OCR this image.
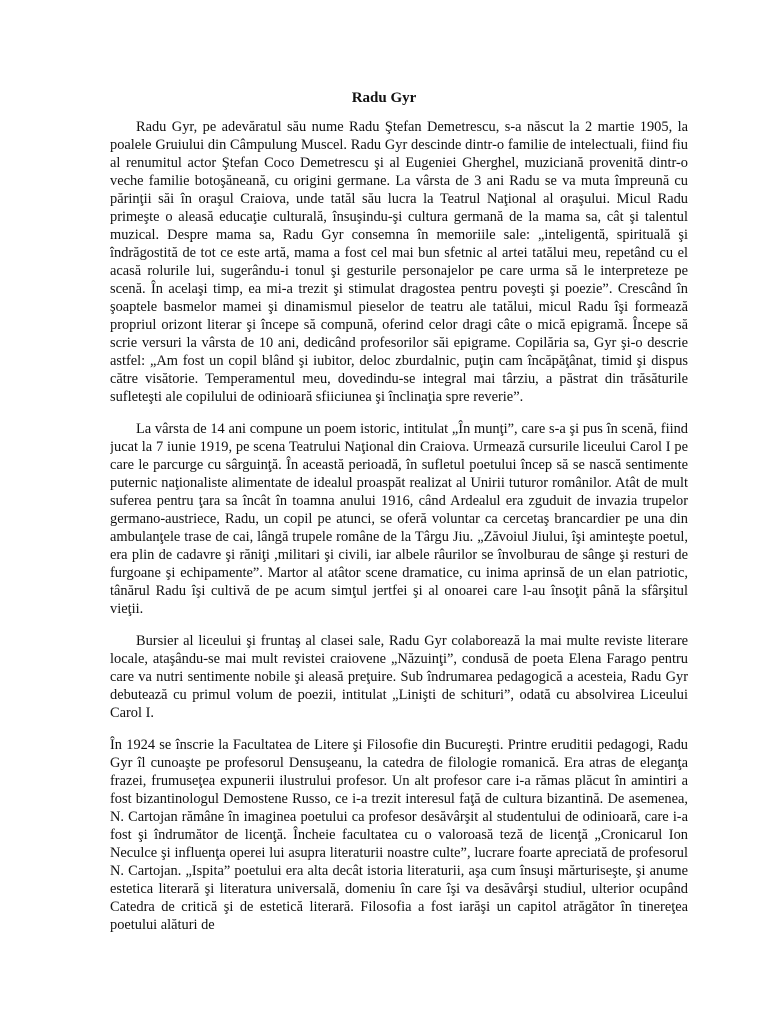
Radu Gyr

Radu Gyr, pe adevăratul său nume Radu Ştefan Demetrescu, s-a născut la 2 martie 1905, la poalele Gruiului din Câmpulung Muscel. Radu Gyr descinde dintr-o familie de intelectuali, fiind fiu al renumitul actor Ştefan Coco Demetrescu şi al Eugeniei Gherghel, muziciană provenită dintr-o veche familie botoşăneană, cu origini germane. La vârsta de 3 ani Radu se va muta împreună cu părinţii săi în oraşul Craiova, unde tatăl său lucra la Teatrul Naţional al oraşului. Micul Radu primeşte o aleasă educaţie culturală, însuşindu-şi cultura germană de la mama sa, cât şi talentul muzical. Despre mama sa, Radu Gyr consemna în memoriile sale: „inteligentă, spirituală şi îndrăgostită de tot ce este artă, mama a fost cel mai bun sfetnic al artei tatălui meu, repetând cu el acasă rolurile lui, sugerându-i tonul şi gesturile personajelor pe care urma să le interpreteze pe scenă. În acelaşi timp, ea mi-a trezit şi stimulat dragostea pentru poveşti şi poezie”. Crescând în şoaptele basmelor mamei şi dinamismul pieselor de teatru ale tatălui, micul Radu îşi formează propriul orizont literar şi începe să compună, oferind celor dragi câte o mică epigramă. Începe să scrie versuri la vârsta de 10 ani, dedicând profesorilor săi epigrame. Copilăria sa, Gyr şi-o descrie astfel: „Am fost un copil blând şi iubitor, deloc zburdalnic, puţin cam încăpăţânat, timid şi dispus către visătorie. Temperamentul meu, dovedindu-se integral mai târziu, a păstrat din trăsăturile sufleteşti ale copilului de odinioară sfiiciunea şi înclinaţia spre reverie”.

La vârsta de 14 ani compune un poem istoric, intitulat „În munţi”, care s-a şi pus în scenă, fiind jucat la 7 iunie 1919, pe scena Teatrului Naţional din Craiova. Urmează cursurile liceului Carol I pe care le parcurge cu sârguinţă. În această perioadă, în sufletul poetului încep să se nască sentimente puternic naţionaliste alimentate de idealul proaspăt realizat al Unirii tuturor românilor. Atât de mult suferea pentru ţara sa încât în toamna anului 1916, când Ardealul era zguduit de invazia trupelor germano-austriece, Radu, un copil pe atunci, se oferă voluntar ca cercetaş brancardier pe una din ambulanţele trase de cai, lângă trupele române de la Târgu Jiu. „Zăvoiul Jiului, îşi aminteşte poetul, era plin de cadavre şi răniţi ,militari şi civili, iar albele râurilor se învolburau de sânge şi resturi de furgoane şi echipamente”. Martor al atâtor scene dramatice, cu inima aprinsă de un elan patriotic, tânărul Radu îşi cultivă de pe acum simţul jertfei şi al onoarei care l-au însoţit până la sfârşitul vieţii.

Bursier al liceului şi fruntaş al clasei sale, Radu Gyr colaborează la mai multe reviste literare locale, ataşându-se mai mult revistei craiovene „Năzuinţi”, condusă de poeta Elena Farago pentru care va nutri sentimente nobile şi aleasă preţuire. Sub îndrumarea pedagogică a acesteia, Radu Gyr debutează cu primul volum de poezii, intitulat „Linişti de schituri”, odată cu absolvirea Liceului Carol I.

În 1924 se înscrie la Facultatea de Litere şi Filosofie din Bucureşti. Printre eruditii pedagogi, Radu Gyr îl cunoaşte pe profesorul Densuşeanu, la catedra de filologie romanică. Era atras de eleganţa frazei, frumuseţea expunerii ilustrului profesor. Un alt profesor care i-a rămas plăcut în amintiri a fost bizantinologul Demostene Russo, ce i-a trezit interesul faţă de cultura bizantină. De asemenea, N. Cartojan rămâne în imaginea poetului ca profesor desăvârşit al studentului de odinioară, care i-a fost şi îndrumător de licenţă. Încheie facultatea cu o valoroasă teză de licenţă „Cronicarul Ion Neculce şi influenţa operei lui asupra literaturii noastre culte”, lucrare foarte apreciată de profesorul N. Cartojan. „Ispita” poetului era alta decât istoria literaturii, aşa cum însuşi mărturiseşte, şi anume estetica literară şi literatura universală, domeniu în care îşi va desăvârşi studiul, ulterior ocupând Catedra de critică şi de estetică literară. Filosofia a fost iarăşi un capitol atrăgător în tinereţea poetului alături de
